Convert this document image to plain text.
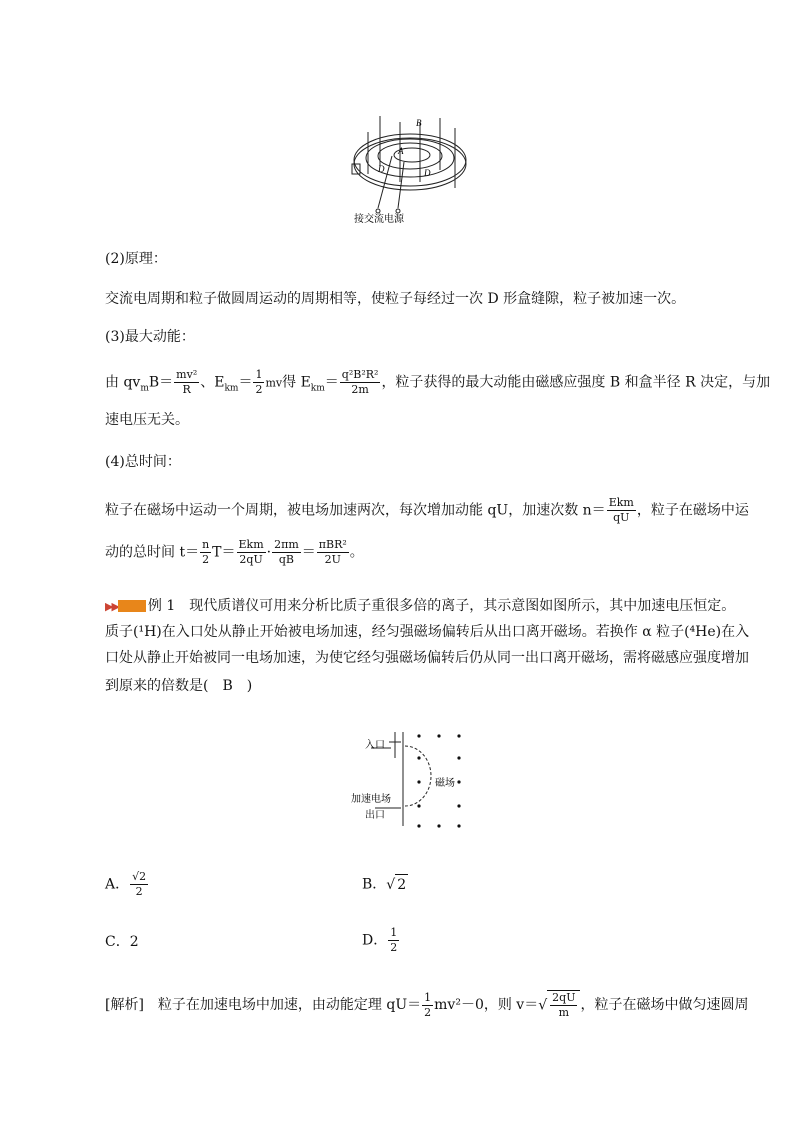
A
B
D	D
接交流电源
(2)原理：
交流电周期和粒子做圆周运动的周期相等，使粒子每经过一次 D 形盒缝隙，粒子被加速一次。
(3)最大动能：
由 $qv_mB= \frac{\text{mv²}}{R}$ 、$E_{km}= \frac{1}{2}$ mv得 $E_{km}= \frac{\text{q²B²R²}}{2m}$ ，粒子获得的最大动能由磁感应强度 B 和盒半径 R 决定，与加
速电压无关。
(4)总时间：
粒子在磁场中运动一个周期，被电场加速两次，每次增加动能 qU，加速次数 $n= \frac{\text{Ekm}}{qU}$ ，粒子在磁场中运
动的总时间 $t= \frac{n}{2} T= \frac{\text{Ekm}}{2qU} \cdot \frac{2\pi m}{qB} = \frac{\text{πBR²}}{2U}$ 。
▶▶ 例 1　 现代质谱仪可用来分析比质子重很多倍的离子，其示意图如图所示，其中加速电压恒定。
质子(¹H)在入口处从静止开始被电场加速，经匀强磁场偏转后从出口离开磁场。若换作 α 粒子(⁴He)在入
口处从静止开始被同一电场加速，为使它经匀强磁场偏转后仍从同一出口离开磁场，需将磁感应强度增加
到原来的倍数是(　B　)
入口
磁场
加速电场
出口
A． $\frac{√2}{2}$	B．√ 2
C．2	D． $\frac{1}{2}$
[解析]　粒子在加速电场中加速，由动能定理 $qU= \frac{1}{2} mv^2-0$，则 $v=√ \frac{2qU}{m}$ ，粒子在磁场中做匀速圆周
